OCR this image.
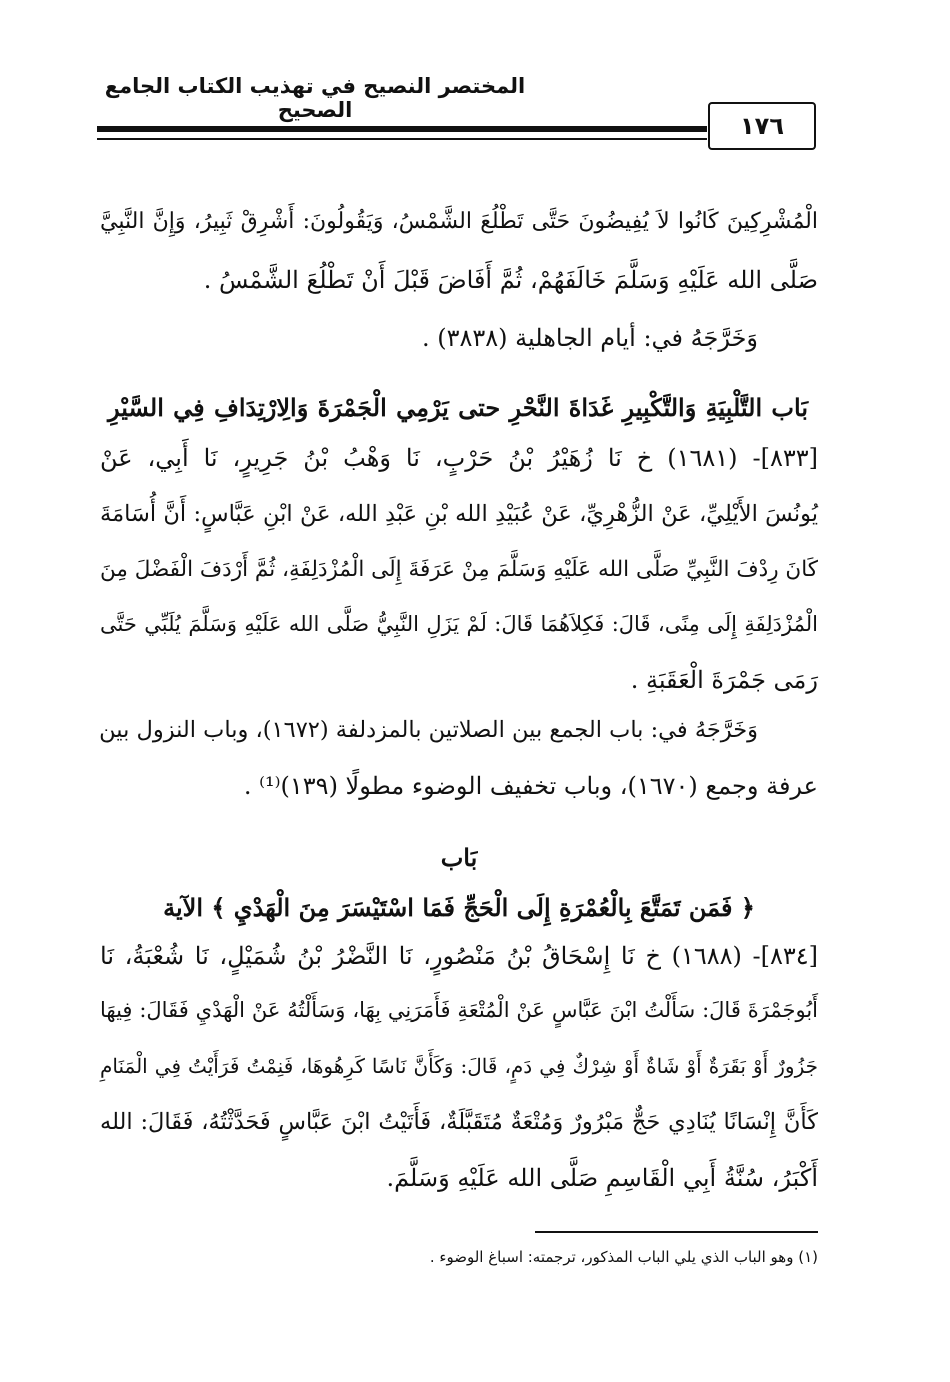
المختصر النصيح في تهذيب الكتاب الجامع الصحيح
١٧٦
الْمُشْرِكِينَ كَانُوا لاَ يُفِيضُونَ حَتَّى تَطْلُعَ الشَّمْسُ، وَيَقُولُونَ: أَشْرِقْ ثَبِيرُ، وَإِنَّ النَّبِيَّ
صَلَّى الله عَلَيْهِ وَسَلَّمَ خَالَفَهُمْ، ثُمَّ أَفَاضَ قَبْلَ أَنْ تَطْلُعَ الشَّمْسُ .
وَخَرَّجَهُ في: أيام الجاهلية (٣٨٣٨) .
بَاب التَّلْبِيَةِ وَالتَّكْبِيرِ غَدَاةَ النَّحْرِ حتى يَرْمِي الْجَمْرَةَ وَالِارْتِدَافِ فِي السَّيْرِ
[٨٣٣]- (١٦٨١) خ نَا زُهَيْرُ بْنُ حَرْبٍ، نَا وَهْبُ بْنُ جَرِيرٍ، نَا أَبِي، عَنْ
يُونُسَ الأَيْلِيِّ، عَنْ الزُّهْرِيِّ، عَنْ عُبَيْدِ الله بْنِ عَبْدِ الله، عَنْ ابْنِ عَبَّاسٍ: أَنَّ أُسَامَةَ
كَانَ رِدْفَ النَّبِيِّ صَلَّى الله عَلَيْهِ وَسَلَّمَ مِنْ عَرَفَةَ إِلَى الْمُزْدَلِفَةِ، ثُمَّ أَرْدَفَ الْفَضْلَ مِنَ
الْمُزْدَلِفَةِ إِلَى مِنًى، قَالَ: فَكِلاَهُمَا قَالَ: لَمْ يَزَلِ النَّبِيُّ صَلَّى الله عَلَيْهِ وَسَلَّمَ يُلَبِّي حَتَّى
رَمَى جَمْرَةَ الْعَقَبَةِ .
وَخَرَّجَهُ في: باب الجمع بين الصلاتين بالمزدلفة (١٦٧٢)، وباب النزول بين
عرفة وجمع (١٦٧٠)، وباب تخفيف الوضوء مطولًا (١٣٩)⁽¹⁾ .
بَاب
﴿ فَمَن تَمَتَّعَ بِالْعُمْرَةِ إِلَى الْحَجِّ فَمَا اسْتَيْسَرَ مِنَ الْهَدْيِ ﴾ الآية
[٨٣٤]- (١٦٨٨) خ نَا إِسْحَاقُ بْنُ مَنْصُورٍ، نَا النَّضْرُ بْنُ شُمَيْلٍ، نَا شُعْبَةُ، نَا
أَبُوجَمْرَةَ قَالَ: سَأَلْتُ ابْنَ عَبَّاسٍ عَنْ الْمُتْعَةِ فَأَمَرَنِي بِهَا، وَسَأَلْتُهُ عَنْ الْهَدْيِ فَقَالَ: فِيهَا
جَزُورٌ أَوْ بَقَرَةٌ أَوْ شَاةٌ أَوْ شِرْكٌ فِي دَمٍ، قَالَ: وَكَأَنَّ نَاسًا كَرِهُوهَا، فَنِمْتُ فَرَأَيْتُ فِي الْمَنَامِ
كَأَنَّ إِنْسَانًا يُنَادِي حَجٌّ مَبْرُورٌ وَمُتْعَةٌ مُتَقَبَّلَةٌ، فَأَتَيْتُ ابْنَ عَبَّاسٍ فَحَدَّثْتُهُ، فَقَالَ: الله
أَكْبَرُ، سُنَّةُ أَبِي الْقَاسِمِ صَلَّى الله عَلَيْهِ وَسَلَّمَ.
(١) وهو الباب الذي يلي الباب المذكور، ترجمته: اسباغ الوضوء .
